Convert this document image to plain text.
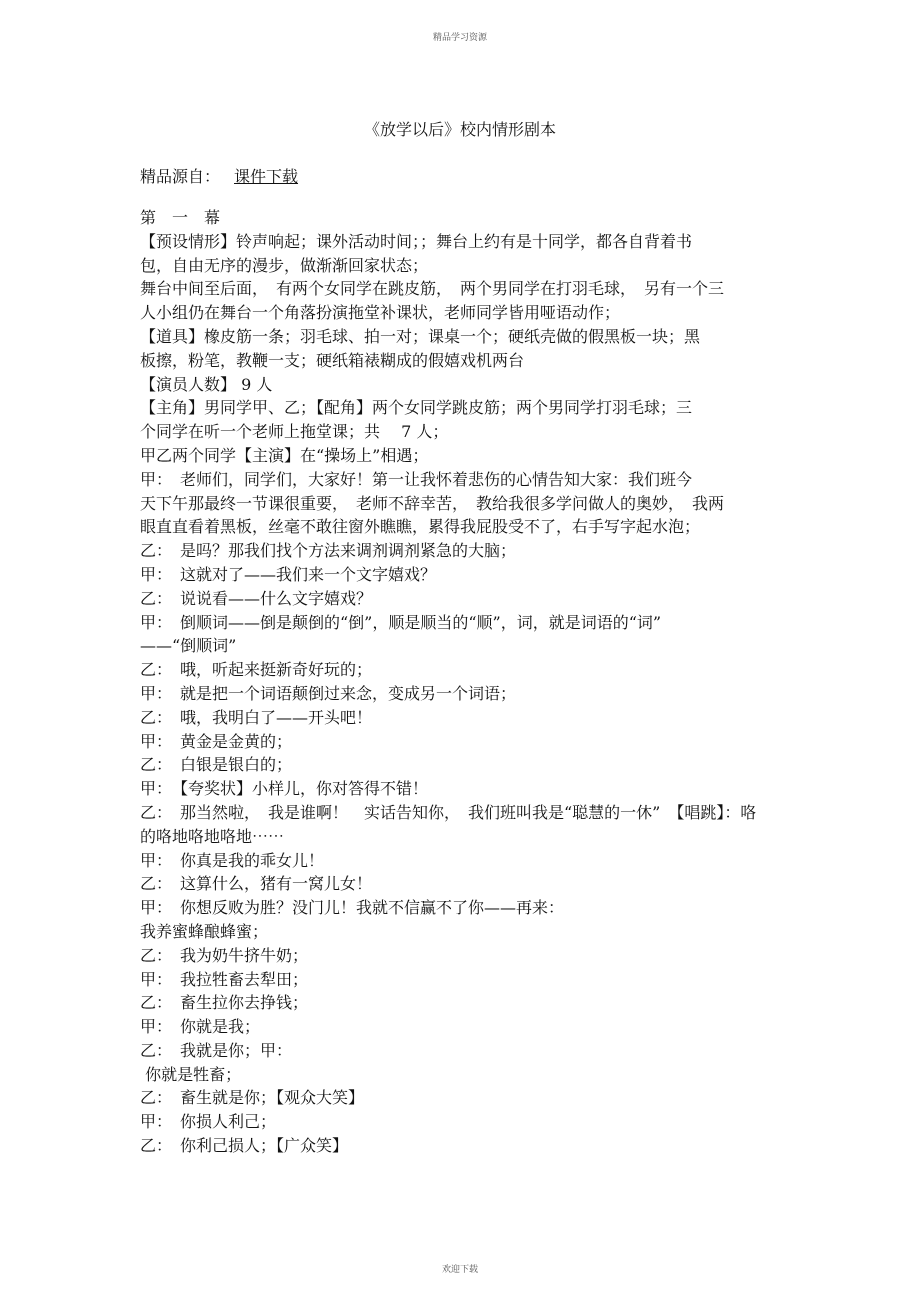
精品学习资源
《放学以后》校内情形剧本
精品源自： 课件下载
第　一　幕
【预设情形】铃声响起；课外活动时间；；舞台上约有是十同学，都各自背着书
包，自由无序的漫步，做渐渐回家状态；
舞台中间至后面，　有两个女同学在跳皮筋，　两个男同学在打羽毛球，　另有一个三
人小组仍在舞台一个角落扮演拖堂补课状，老师同学皆用哑语动作；
【道具】橡皮筋一条；羽毛球、拍一对；课桌一个；硬纸壳做的假黑板一块；黑
板擦，粉笔，教鞭一支；硬纸箱裱糊成的假嬉戏机两台
【演员人数】 9 人
【主角】男同学甲、乙；【配角】两个女同学跳皮筋；两个男同学打羽毛球；三
个同学在听一个老师上拖堂课；共　 7 人；
甲乙两个同学【主演】在“操场上”相遇；
甲：　老师们，同学们，大家好！第一让我怀着悲伤的心情告知大家：我们班今
天下午那最终一节课很重要，　老师不辞幸苦，　教给我很多学问做人的奥妙，　我两
眼直直看着黑板，丝毫不敢往窗外瞧瞧，累得我屁股受不了，右手写字起水泡；
乙：　是吗？那我们找个方法来调剂调剂紧急的大脑；
甲：　这就对了——我们来一个文字嬉戏？
乙：　说说看——什么文字嬉戏？
甲：　倒顺词——倒是颠倒的“倒”，顺是顺当的“顺”，词，就是词语的“词”
——“倒顺词”
乙：　哦，听起来挺新奇好玩的；
甲：　就是把一个词语颠倒过来念，变成另一个词语；
乙：　哦，我明白了——开头吧！
甲：　黄金是金黄的；
乙：　白银是银白的；
甲：　【夸奖状】小样儿，你对答得不错！
乙：　那当然啦，　我是谁啊！　实话告知你，　我们班叫我是“聪慧的一休”　【唱跳】：咯
的咯地咯地咯地⋯⋯
甲：　你真是我的乖女儿！
乙：　这算什么，猪有一窝儿女！
甲：　你想反败为胜？没门儿！我就不信赢不了你——再来：
我养蜜蜂酿蜂蜜；
乙：　我为奶牛挤牛奶；
甲：　我拉牲畜去犁田；
乙：　畜生拉你去挣钱；
甲：　你就是我；
乙：　我就是你；甲：
你就是牲畜；
乙：　畜生就是你；【观众大笑】
甲：　你损人利己；
乙：　你利己损人；【广众笑】
欢迎下载
